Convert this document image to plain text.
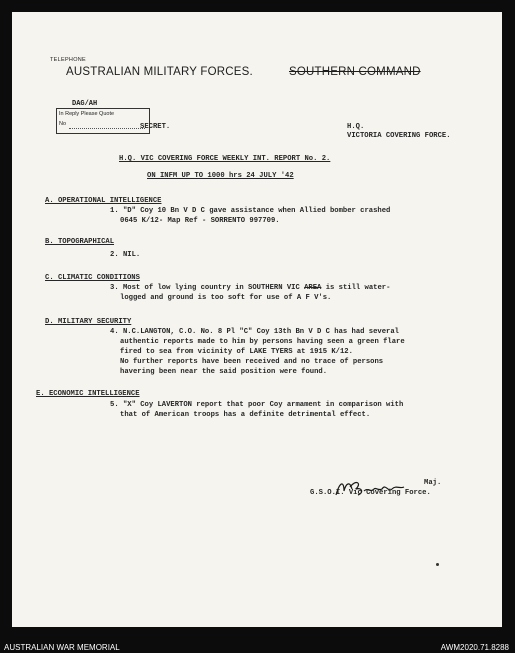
TELEPHONE
AUSTRALIAN MILITARY FORCES.	SOUTHERN COMMAND
DAG/AH
In Reply Please Quote
No	SECRET.	H.Q.
VICTORIA COVERING FORCE.
H.Q. VIC COVERING FORCE WEEKLY INT. REPORT No. 2.
ON INFM UP TO 1000 hrs 24 JULY '42
A. OPERATIONAL INTELLIGENCE
1. "D" Coy 10 Bn V D C gave assistance when Allied bomber crashed
0645 K/12- Map Ref - SORRENTO 997709.
B. TOPOGRAPHICAL
2. NIL.
C. CLIMATIC CONDITIONS
3. Most of low lying country in SOUTHERN VIC AREA is still water-
logged and ground is too soft for use of A F V's.
D. MILITARY SECURITY
4. N.C.LANGTON, C.O. No. 8 Pl "C" Coy 13th Bn V D C has had several
authentic reports made to him by persons having seen a green flare
fired to sea from vicinity of LAKE TYERS at 1915 K/12.
No further reports have been received and no trace of persons
havering been near the said position were found.
E. ECONOMIC INTELLIGENCE
5. "X" Coy LAVERTON report that poor Coy armament in comparison with
that of American troops has a definite detrimental effect.
Maj.
G.S.O.I. Vic Covering Force.
AUSTRALIAN WAR MEMORIAL	AWM2020.71.8288
